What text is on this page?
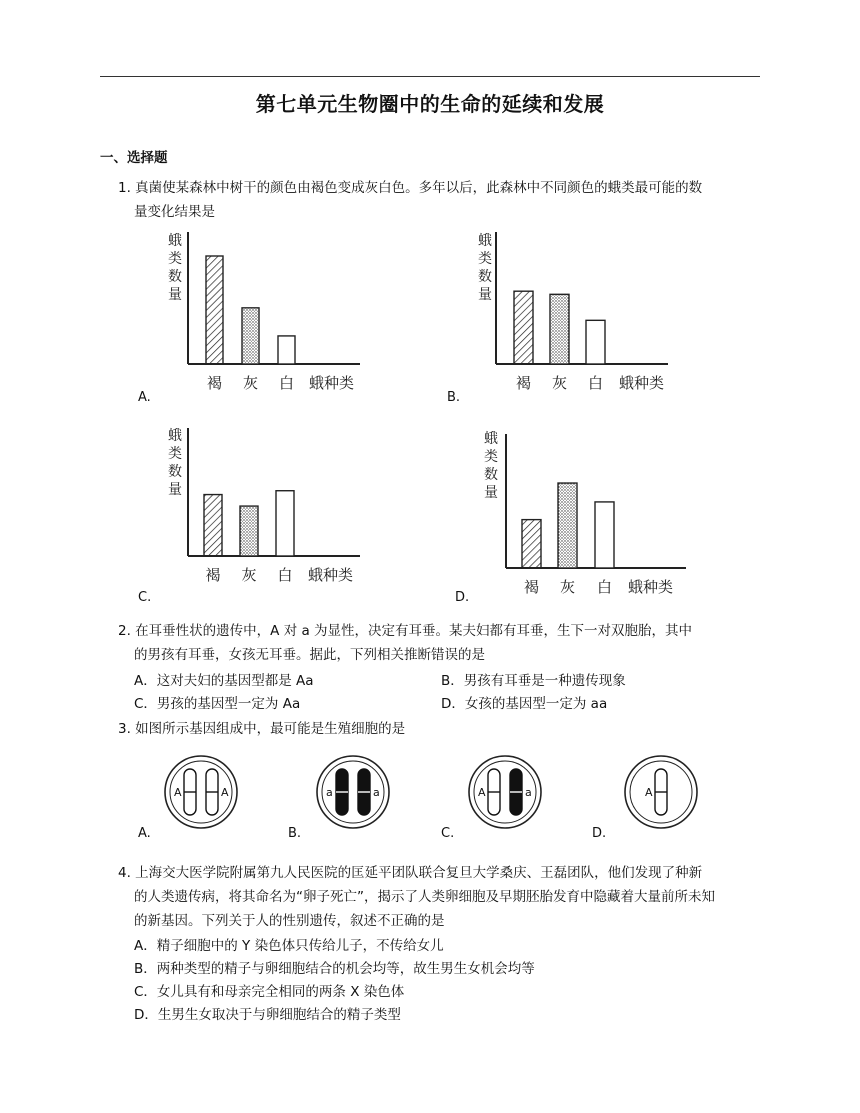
第七单元生物圈中的生命的延续和发展
一、选择题
1. 真菌使某森林中树干的颜色由褐色变成灰白色。多年以后，此森林中不同颜色的蛾类最可能的数
量变化结果是
褐 灰 白 蛾种类
蛾
类
数
量
褐 灰 白 蛾种类
蛾
类
数
量
褐 灰 白 蛾种类
蛾
类
数
量
褐 灰 白 蛾种类
蛾
类
数
量
A	A	a	a	A	a	A
A.	B.
C.	D.
2. 在耳垂性状的遗传中，A 对 a 为显性，决定有耳垂。某夫妇都有耳垂，生下一对双胞胎，其中
的男孩有耳垂，女孩无耳垂。据此，下列相关推断错误的是
A．这对夫妇的基因型都是 Aa	B．男孩有耳垂是一种遗传现象
C．男孩的基因型一定为 Aa	D．女孩的基因型一定为 aa
3. 如图所示基因组成中，最可能是生殖细胞的是
A.	B.	C.	D.
4. 上海交大医学院附属第九人民医院的匡延平团队联合复旦大学桑庆、王磊团队，他们发现了种新
的人类遗传病，将其命名为“卵子死亡”，揭示了人类卵细胞及早期胚胎发育中隐藏着大量前所未知
的新基因。下列关于人的性别遗传，叙述不正确的是
A．精子细胞中的 Y 染色体只传给儿子，不传给女儿
B．两种类型的精子与卵细胞结合的机会均等，故生男生女机会均等
C．女儿具有和母亲完全相同的两条 X 染色体
D．生男生女取决于与卵细胞结合的精子类型
